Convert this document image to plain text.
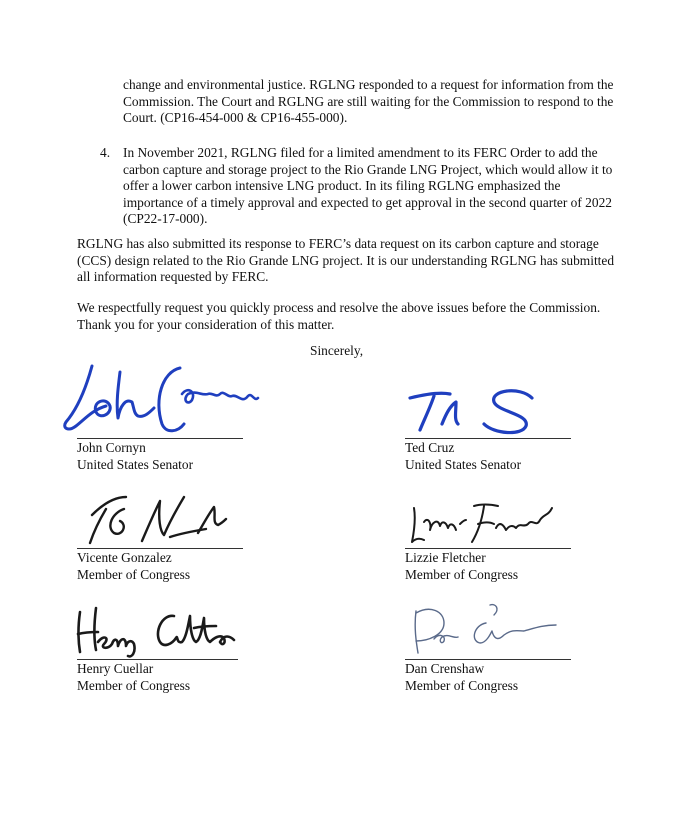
change and environmental justice. RGLNG responded to a request for information from the Commission. The Court and RGLNG are still waiting for the Commission to respond to the Court. (CP16-454-000 & CP16-455-000).

4. In November 2021, RGLNG filed for a limited amendment to its FERC Order to add the carbon capture and storage project to the Rio Grande LNG Project, which would allow it to offer a lower carbon intensive LNG product. In its filing RGLNG emphasized the importance of a timely approval and expected to get approval in the second quarter of 2022 (CP22-17-000).

RGLNG has also submitted its response to FERC’s data request on its carbon capture and storage (CCS) design related to the Rio Grande LNG project. It is our understanding RGLNG has submitted all information requested by FERC.

We respectfully request you quickly process and resolve the above issues before the Commission. Thank you for your consideration of this matter.

Sincerely,
John Cornyn
United States Senator
Ted Cruz
United States Senator
Vicente Gonzalez
Member of Congress
Lizzie Fletcher
Member of Congress
Henry Cuellar
Member of Congress
Dan Crenshaw
Member of Congress
